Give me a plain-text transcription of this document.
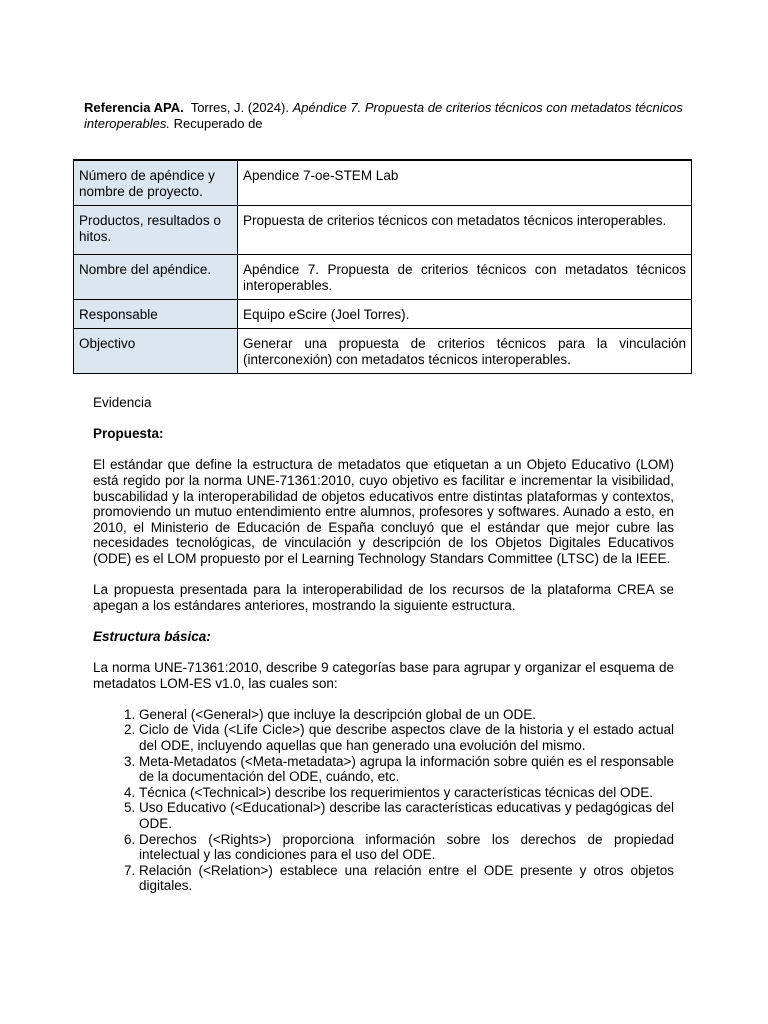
Referencia APA. Torres, J. (2024). Apéndice 7. Propuesta de criterios técnicos con metadatos técnicos interoperables. Recuperado de
Número de apéndice y nombre de proyecto.	Apendice 7-oe-STEM Lab
Productos, resultados o hitos.	Propuesta de criterios técnicos con metadatos técnicos interoperables.
Nombre del apéndice.	Apéndice 7. Propuesta de criterios técnicos con metadatos técnicos interoperables.
Responsable	Equipo eScire (Joel Torres).
Objectivo	Generar una propuesta de criterios técnicos para la vinculación (interconexión) con metadatos técnicos interoperables.

Evidencia

Propuesta:

El estándar que define la estructura de metadatos que etiquetan a un Objeto Educativo (LOM) está regido por la norma UNE-71361:2010, cuyo objetivo es facilitar e incrementar la visibilidad, buscabilidad y la interoperabilidad de objetos educativos entre distintas plataformas y contextos, promoviendo un mutuo entendimiento entre alumnos, profesores y softwares. Aunado a esto, en 2010, el Ministerio de Educación de España concluyó que el estándar que mejor cubre las necesidades tecnológicas, de vinculación y descripción de los Objetos Digitales Educativos (ODE) es el LOM propuesto por el Learning Technology Standars Committee (LTSC) de la IEEE.

La propuesta presentada para la interoperabilidad de los recursos de la plataforma CREA se apegan a los estándares anteriores, mostrando la siguiente estructura.

Estructura básica:

La norma UNE-71361:2010, describe 9 categorías base para agrupar y organizar el esquema de metadatos LOM-ES v1.0, las cuales son:

1. General (<General>) que incluye la descripción global de un ODE.
2. Ciclo de Vida (<Life Cicle>) que describe aspectos clave de la historia y el estado actual del ODE, incluyendo aquellas que han generado una evolución del mismo.
3. Meta-Metadatos (<Meta-metadata>) agrupa la información sobre quién es el responsable de la documentación del ODE, cuándo, etc.
4. Técnica (<Technical>) describe los requerimientos y características técnicas del ODE.
5. Uso Educativo (<Educational>) describe las características educativas y pedagógicas del ODE.
6. Derechos (<Rights>) proporciona información sobre los derechos de propiedad intelectual y las condiciones para el uso del ODE.
7. Relación (<Relation>) establece una relación entre el ODE presente y otros objetos digitales.
